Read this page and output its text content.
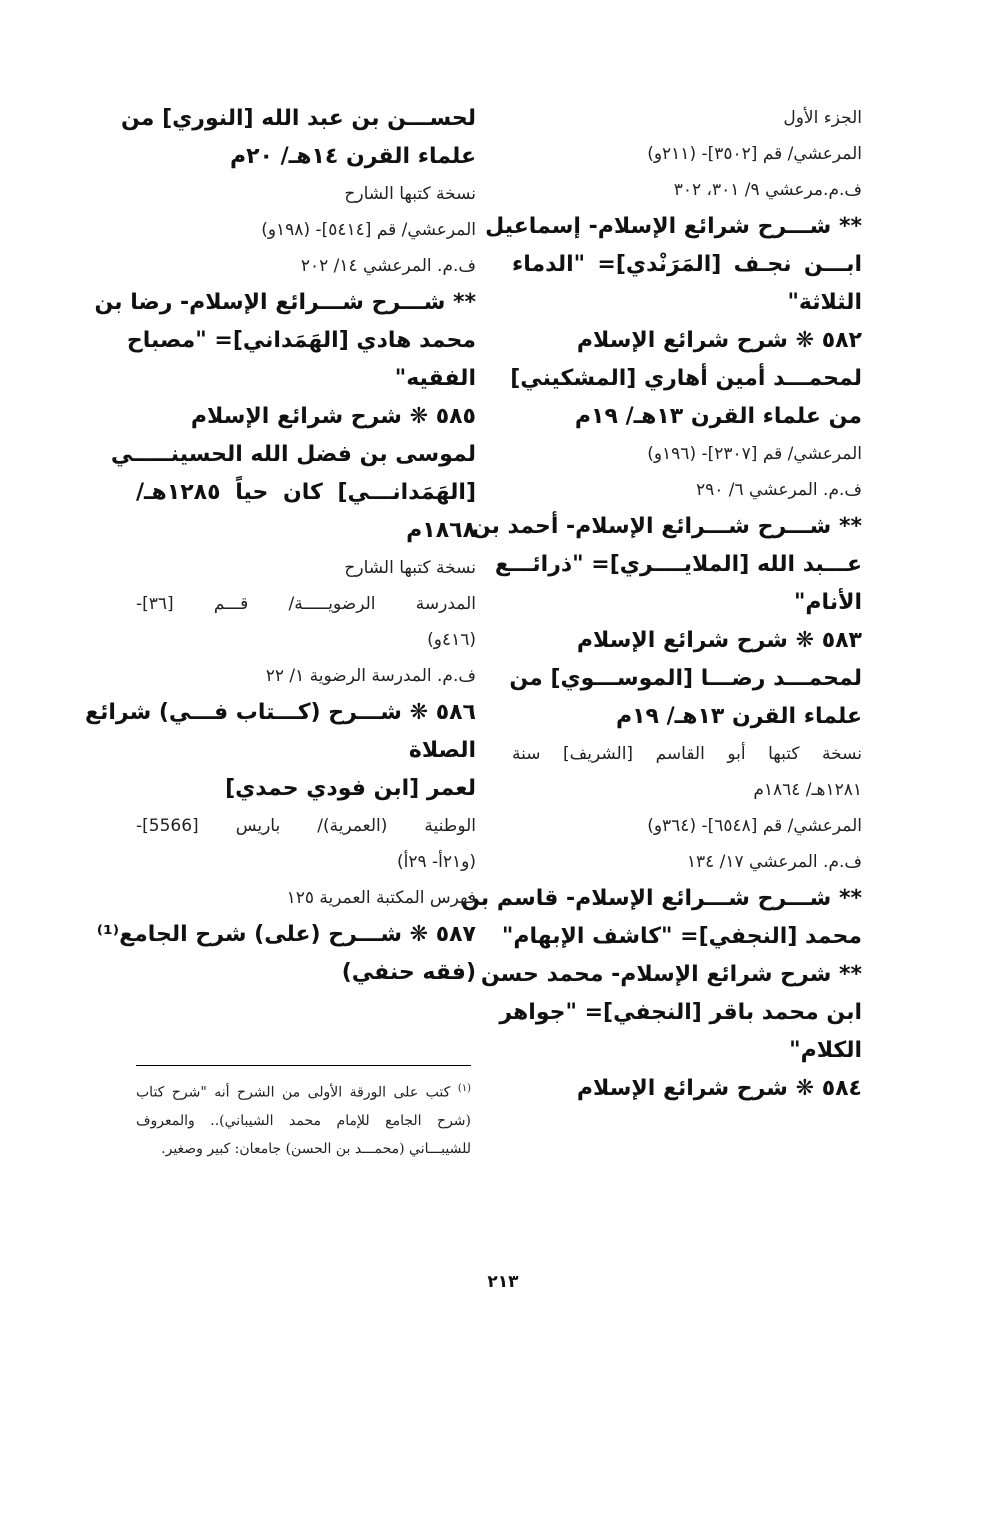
الجزء الأول

المرعشي/ قم [٣٥٠٢]- (٢١١و)

ف.م.مرعشي ٩/ ٣٠١، ٣٠٢

** شـــرح شرائع الإسلام- إسماعيل

ابـــن نجـف [المَرَنْدي]= "الدماء

الثلاثة"

٥٨٢ ❋ شرح شرائع الإسلام

لمحمـــد أمين أهاري [المشكيني]

من علماء القرن ١٣هـ/ ١٩م

المرعشي/ قم [٢٣٠٧]- (١٩٦و)

ف.م. المرعشي ٦/ ٢٩٠

** شـــرح شـــرائع الإسلام- أحمد بن

عـــبد الله [الملايــــري]= "ذرائـــع

الأنام"

٥٨٣ ❋ شرح شرائع الإسلام

لمحمـــد رضـــا [الموســـوي] من

علماء القرن ١٣هـ/ ١٩م

نسخة كتبها أبو القاسم [الشريف] سنة

١٢٨١هـ/ ١٨٦٤م

المرعشي/ قم [٦٥٤٨]- (٣٦٤و)

ف.م. المرعشي ١٧/ ١٣٤

** شـــرح شـــرائع الإسلام- قاسم بن

محمد [النجفي]= "كاشف الإبهام"

** شرح شرائع الإسلام- محمد حسن

ابن محمد باقر [النجفي]= "جواهر

الكلام"

٥٨٤ ❋ شرح شرائع الإسلام

لحســـن بن عبد الله [النوري] من

علماء القرن ١٤هـ/ ٢٠م

نسخة كتبها الشارح

المرعشي/ قم [٥٤١٤]- (١٩٨و)

ف.م. المرعشي ١٤/ ٢٠٢

** شـــرح شـــرائع الإسلام- رضا بن

محمد هادي [الهَمَداني]= "مصباح

الفقيه"

٥٨٥ ❋ شرح شرائع الإسلام

لموسى بن فضل الله الحسينـــــي

[الهَمَدانـــي] كان حياً ١٢٨٥هـ/

١٨٦٨م

نسخة كتبها الشارح

المدرسة الرضويـــــة/ قـــم [٣٦]-

(٤١٦و)

ف.م. المدرسة الرضوية ١/ ٢٢

٥٨٦ ❋ شـــرح (كـــتاب فـــي) شرائع

الصلاة

لعمر [ابن فودي حمدي]

الوطنية (العمرية)/ باريس [5566]-

(و٢١أ- ٢٩أ)

فهرس المكتبة العمرية ١٢٥

٥٨٧ ❋ شـــرح (على) شرح الجامع⁽¹⁾

(فقه حنفي)

$^{(١)}$ كتب على الورقة الأولى من الشرح أنه "شرح كتاب (شرح الجامع للإمام محمد الشيباني).. والمعروف للشيبـــاني (محمـــد بن الحسن) جامعان: كبير وصغير.
٢١٣
